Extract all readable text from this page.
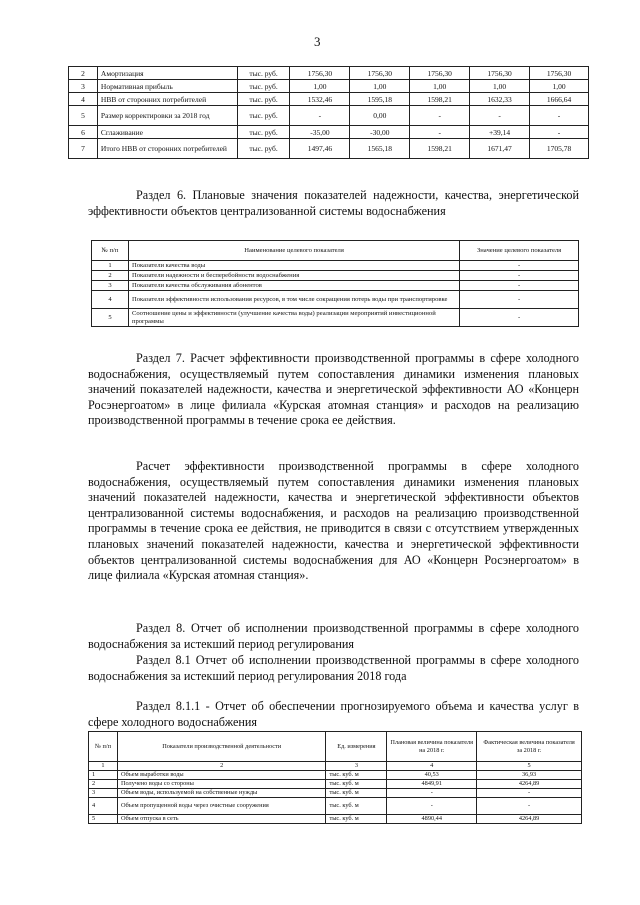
3
2	Амортизация	тыс. руб.	1756,30	1756,30	1756,30	1756,30	1756,30
3	Нормативная прибыль	тыс. руб.	1,00	1,00	1,00	1,00	1,00
4	НВВ от сторонних потребителей	тыс. руб.	1532,46	1595,18	1598,21	1632,33	1666,64
5	Размер корректировки за 2018 год	тыс. руб.	-	0,00	-	-	-
6	Сглаживание	тыс. руб.	-35,00	-30,00	-	+39,14	-
7	Итого НВВ от сторонних потребителей	тыс. руб.	1497,46	1565,18	1598,21	1671,47	1705,78

Раздел 6. Плановые значения показателей надежности, качества, энергетической эффективности объектов централизованной системы водоснабжения

№ п/п	Наименование целевого показателя	Значение целевого показателя
1	Показатели качества воды	-
2	Показатели надежности и бесперебойности водоснабжения	-
3	Показатели качества обслуживания абонентов	-
4	Показатели эффективности использования ресурсов, в том числе сокращения потерь воды при транспортировке	-
5	Соотношение цены и эффективности (улучшение качества воды) реализации мероприятий инвестиционной программы	-

Раздел 7. Расчет эффективности производственной программы в сфере холодного водоснабжения, осуществляемый путем сопоставления динамики изменения плановых значений показателей надежности, качества и энергетической эффективности АО «Концерн Росэнергоатом» в лице филиала «Курская атомная станция» и расходов на реализацию производственной программы в течение срока ее действия.

Расчет эффективности производственной программы в сфере холодного водоснабжения, осуществляемый путем сопоставления динамики изменения плановых значений показателей надежности, качества и энергетической эффективности объектов централизованной системы водоснабжения, и расходов на реализацию производственной программы в течение срока ее действия, не приводится в связи с отсутствием утвержденных плановых значений показателей надежности, качества и энергетической эффективности объектов централизованной системы водоснабжения для АО «Концерн Росэнергоатом» в лице филиала «Курская атомная станция».

Раздел 8. Отчет об исполнении производственной программы в сфере холодного водоснабжения за истекший период регулирования

Раздел 8.1 Отчет об исполнении производственной программы в сфере холодного водоснабжения за истекший период регулирования 2018 года

Раздел 8.1.1 - Отчет об обеспечении прогнозируемого объема и качества услуг в сфере холодного водоснабжения

№ п/п	Показатели производственной деятельности	Ед. измерения	Плановая величина показателя на 2018 г.	Фактическая величина показателя за 2018 г.
1	2	3	4	5
1	Объем выработки воды	тыс. куб. м	40,53	36,93
2	Получено воды со стороны	тыс. куб. м	4849,91	4264,89
3	Объем воды, используемой на собственные нужды	тыс. куб. м	-	-
4	Объем пропущенной воды через очистные сооружения	тыс. куб. м	-	-
5	Объем отпуска в сеть	тыс. куб. м	4890,44	4264,89
